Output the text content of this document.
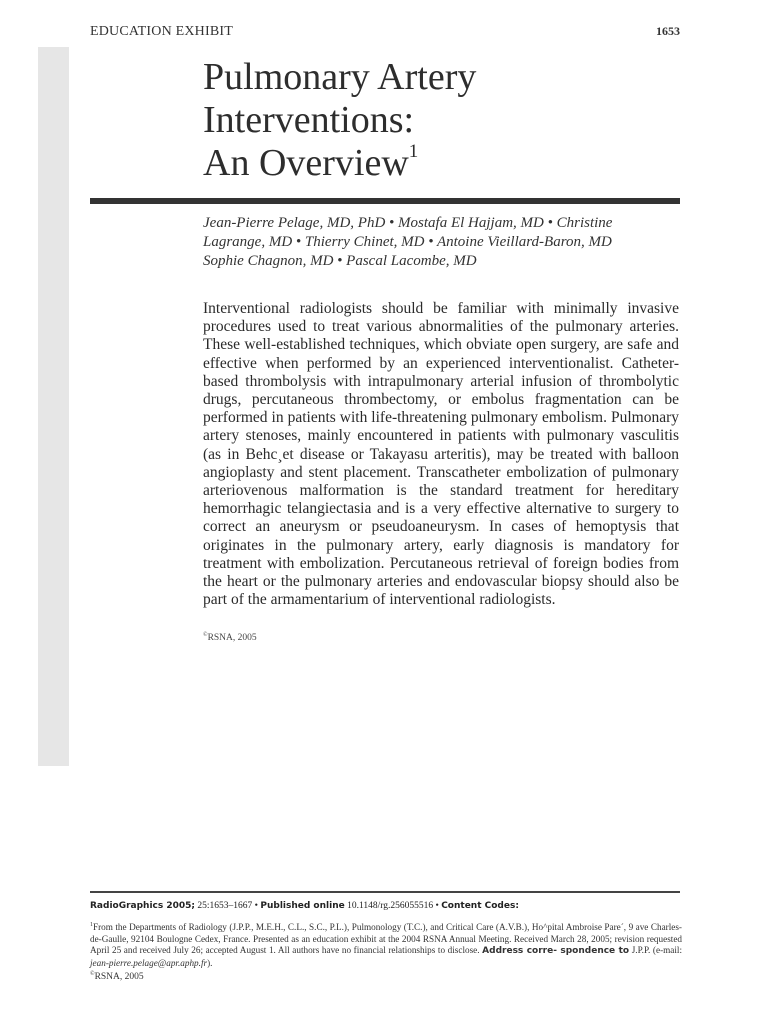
EDUCATION EXHIBIT	1653
Pulmonary Artery
Interventions:
An Overview$^1$
Jean-Pierre Pelage, MD, PhD • Mostafa El Hajjam, MD • Christine
Lagrange, MD • Thierry Chinet, MD • Antoine Vieillard-Baron, MD
Sophie Chagnon, MD • Pascal Lacombe, MD
Interventional radiologists should be familiar with minimally invasive procedures used to treat various abnormalities of the pulmonary arteries. These well-established techniques, which obviate open surgery, are safe and effective when performed by an experienced interventionalist. Catheter-based thrombolysis with intrapulmonary arterial infusion of thrombolytic drugs, percutaneous thrombectomy, or embolus fragmentation can be performed in patients with life-threatening pulmonary embolism. Pulmonary artery stenoses, mainly encountered in patients with pulmonary vasculitis (as in Behc¸et disease or Takayasu arteritis), may be treated with balloon angioplasty and stent placement. Transcatheter embolization of pulmonary arteriovenous malformation is the standard treatment for hereditary hemorrhagic telangiectasia and is a very effective alternative to surgery to correct an aneurysm or pseudoaneurysm. In cases of hemoptysis that originates in the pulmonary artery, early diagnosis is mandatory for treatment with embolization. Percutaneous retrieval of foreign bodies from the heart or the pulmonary arteries and endovascular biopsy should also be part of the armamentarium of interventional radiologists.
©RSNA, 2005
RadioGraphics 2005; 25:1653–1667 • Published online 10.1148/rg.256055516 • Content Codes:
$^1$From the Departments of Radiology (J.P.P., M.E.H., C.L., S.C., P.L.), Pulmonology (T.C.), and Critical Care (A.V.B.), Ho^pital Ambroise Pare´, 9 ave Charles-de-Gaulle, 92104 Boulogne Cedex, France. Presented as an education exhibit at the 2004 RSNA Annual Meeting. Received March 28, 2005; revision requested April 25 and received July 26; accepted August 1. All authors have no financial relationships to disclose. Address corre- spondence to J.P.P. (e-mail: jean-pierre.pelage@apr.aphp.fr).
©RSNA, 2005
